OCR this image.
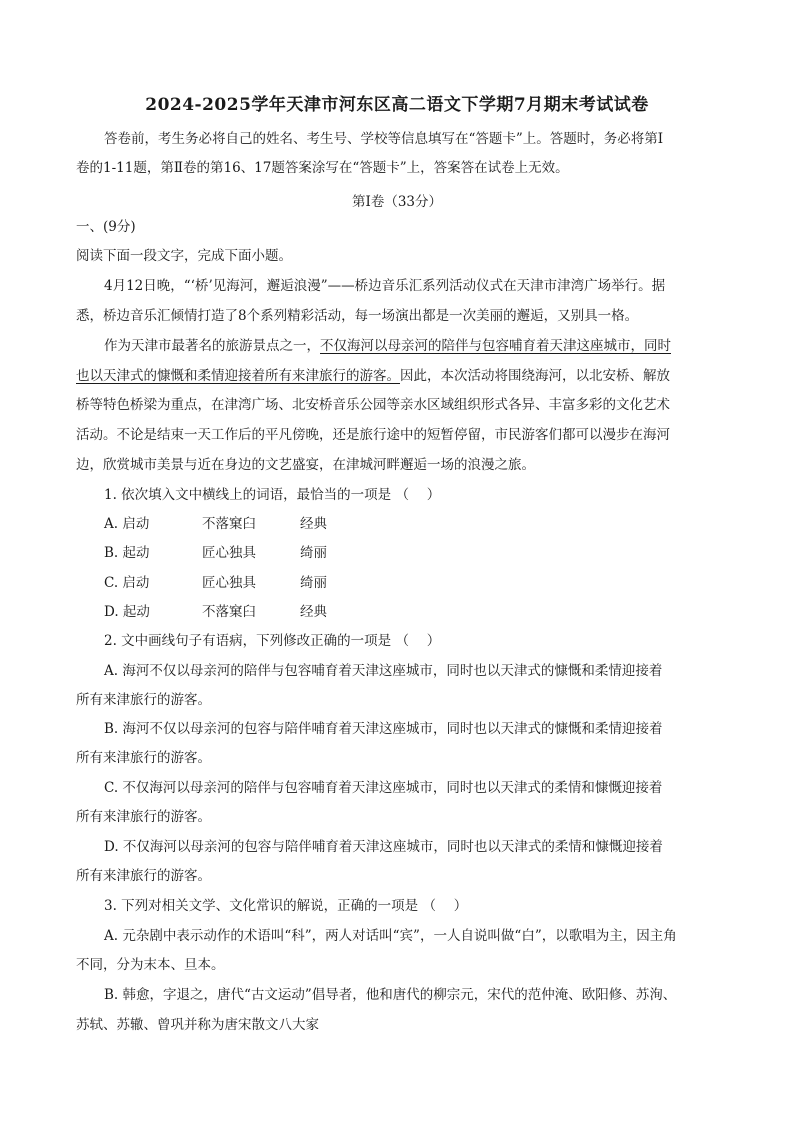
2024-2025学年天津市河东区高二语文下学期7月期末考试试卷
答卷前，考生务必将自己的姓名、考生号、学校等信息填写在“答题卡”上。答题时，务必将第Ⅰ
卷的1-11题，第Ⅱ卷的第16、17题答案涂写在“答题卡”上，答案答在试卷上无效。
第Ⅰ卷（33分）
一、(9分)
阅读下面一段文字，完成下面小题。
4月12日晚，“‘桥’见海河，邂逅浪漫”——桥边音乐汇系列活动仪式在天津市津湾广场举行。据
悉，桥边音乐汇倾情打造了8个系列精彩活动，每一场演出都是一次美丽的邂逅，又别具一格。
作为天津市最著名的旅游景点之一，不仅海河以母亲河的陪伴与包容哺育着天津这座城市，同时
也以天津式的慷慨和柔情迎接着所有来津旅行的游客。因此，本次活动将围绕海河，以北安桥、解放
桥等特色桥梁为重点，在津湾广场、北安桥音乐公园等亲水区域组织形式各异、丰富多彩的文化艺术
活动。不论是结束一天工作后的平凡傍晚，还是旅行途中的短暂停留，市民游客们都可以漫步在海河
边，欣赏城市美景与近在身边的文艺盛宴，在津城河畔邂逅一场的浪漫之旅。
1. 依次填入文中横线上的词语，最恰当的一项是 （　 ）
A. 启动	不落窠臼	经典
B. 起动	匠心独具	绮丽
C. 启动	匠心独具	绮丽
D. 起动	不落窠臼	经典
2. 文中画线句子有语病，下列修改正确的一项是 （　 ）
A. 海河不仅以母亲河的陪伴与包容哺育着天津这座城市，同时也以天津式的慷慨和柔情迎接着
所有来津旅行的游客。
B. 海河不仅以母亲河的包容与陪伴哺育着天津这座城市，同时也以天津式的慷慨和柔情迎接着
所有来津旅行的游客。
C. 不仅海河以母亲河的陪伴与包容哺育着天津这座城市，同时也以天津式的柔情和慷慨迎接着
所有来津旅行的游客。
D. 不仅海河以母亲河的包容与陪伴哺育着天津这座城市，同时也以天津式的柔情和慷慨迎接着
所有来津旅行的游客。
3. 下列对相关文学、文化常识的解说，正确的一项是 （　 ）
A. 元杂剧中表示动作的术语叫“科”，两人对话叫“宾”，一人自说叫做“白”，以歌唱为主，因主角
不同，分为末本、旦本。
B. 韩愈，字退之，唐代“古文运动”倡导者，他和唐代的柳宗元，宋代的范仲淹、欧阳修、苏洵、
苏轼、苏辙、曾巩并称为唐宋散文八大家
